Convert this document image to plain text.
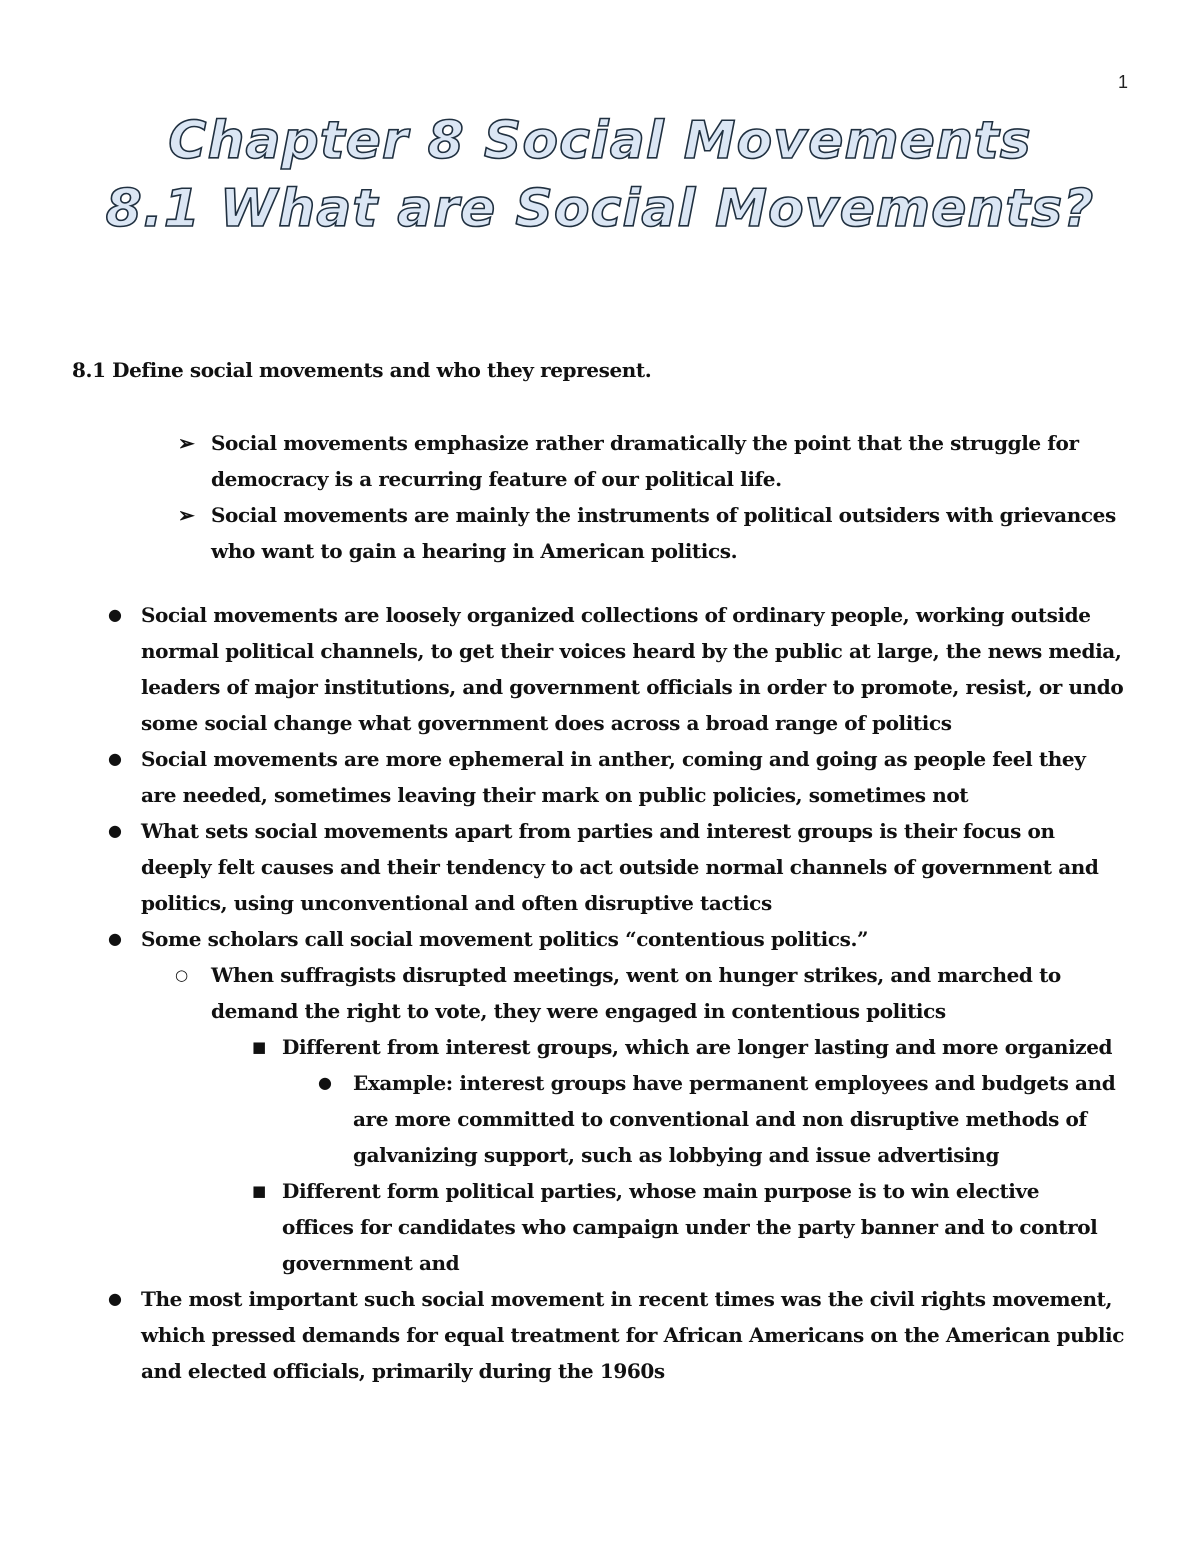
1
Chapter 8 Social Movements
8.1 What are Social Movements?
8.1 Define social movements and who they represent.
➢ Social movements emphasize rather dramatically the point that the struggle for democracy is a recurring feature of our political life.
➢ Social movements are mainly the instruments of political outsiders with grievances who want to gain a hearing in American politics.
● Social movements are loosely organized collections of ordinary people, working outside normal political channels, to get their voices heard by the public at large, the news media, leaders of major institutions, and government officials in order to promote, resist, or undo some social change what government does across a broad range of politics
● Social movements are more ephemeral in anther, coming and going as people feel they are needed, sometimes leaving their mark on public policies, sometimes not
● What sets social movements apart from parties and interest groups is their focus on deeply felt causes and their tendency to act outside normal channels of government and politics, using unconventional and often disruptive tactics
● Some scholars call social movement politics “contentious politics.”
○ When suffragists disrupted meetings, went on hunger strikes, and marched to demand the right to vote, they were engaged in contentious politics
■ Different from interest groups, which are longer lasting and more organized
● Example: interest groups have permanent employees and budgets and are more committed to conventional and non disruptive methods of galvanizing support, such as lobbying and issue advertising
■ Different form political parties, whose main purpose is to win elective offices for candidates who campaign under the party banner and to control government and
● The most important such social movement in recent times was the civil rights movement, which pressed demands for equal treatment for African Americans on the American public and elected officials, primarily during the 1960s
